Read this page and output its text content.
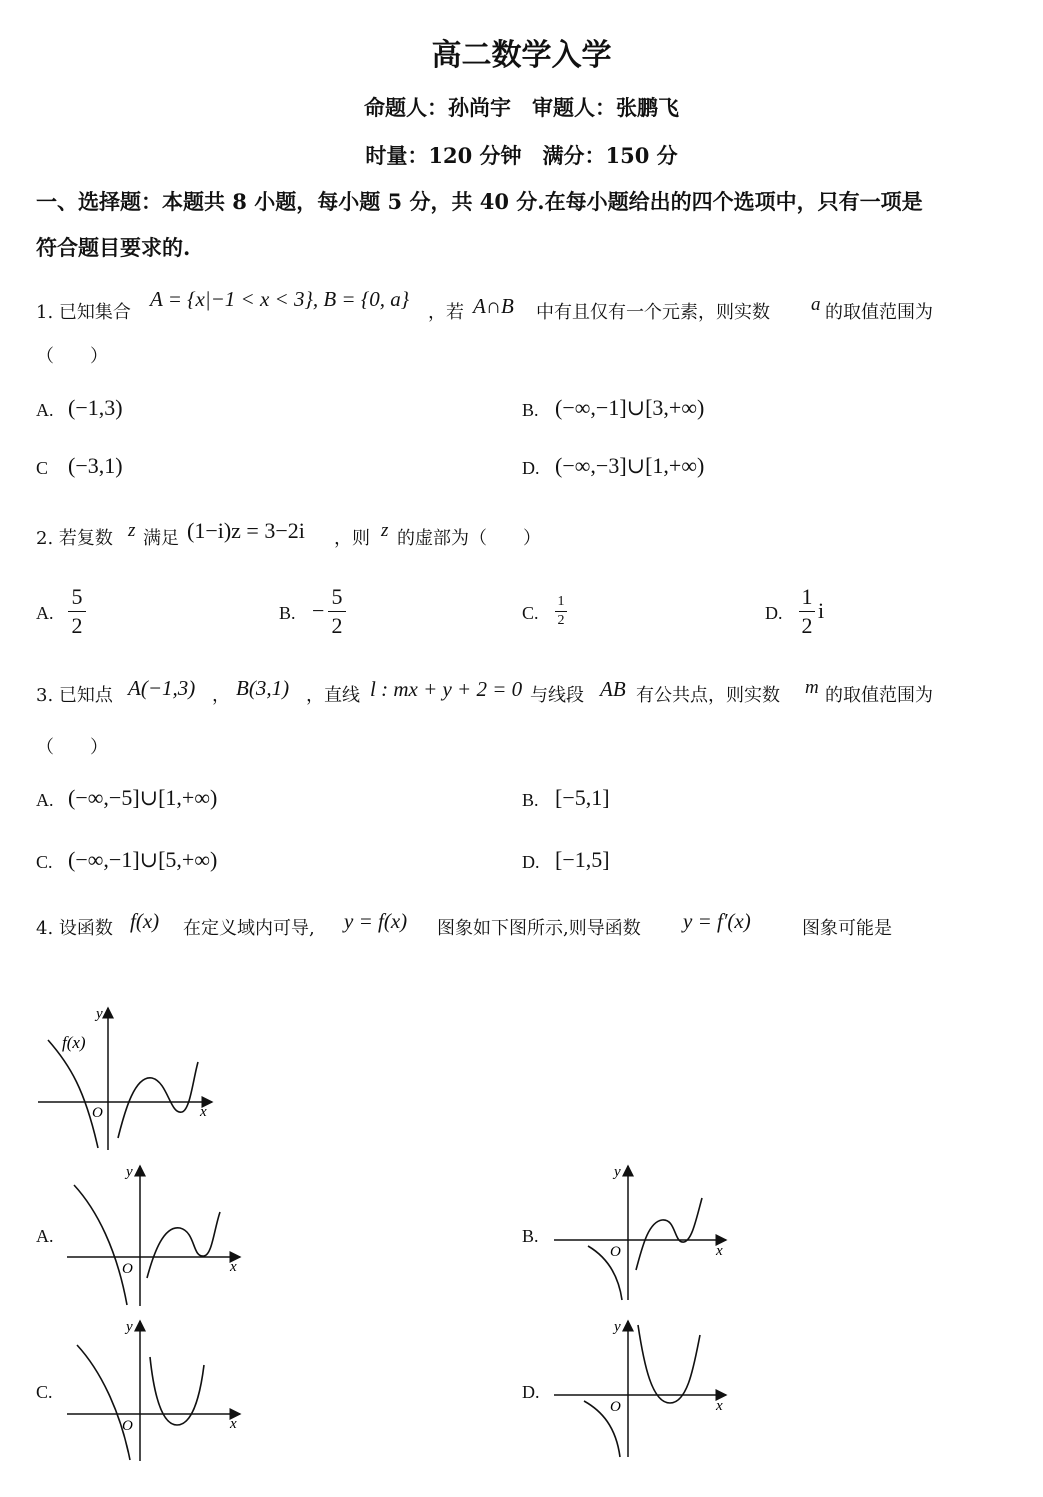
高二数学入学
命题人：孙尚宇　审题人：张鹏飞
时量：120 分钟　满分：150 分
一、选择题：本题共 8 小题，每小题 5 分，共 40 分.在每小题给出的四个选项中，只有一项是
符合题目要求的.
1. 已知集合
A = {x|−1 < x < 3}, B = {0, a}
，若 A∩B 中有且仅有一个元素，则实数 a 的取值范围为
（　　）
A. (−1,3)	B. (−∞,−1]∪[3,+∞)
C (−3,1)	D. (−∞,−3]∪[1,+∞)
2. 若复数 z 满足 (1−i)z = 3−2i ，则 z 的虚部为（　　）
A.
5
2	B. −
5
2	C.
1
2	D.
1
2
i
3. 已知点 A(−1,3) ， B(3,1) ，直线 l : mx + y + 2 = 0 与线段 AB 有公共点，则实数 m 的取值范围为
（　　）
A. (−∞,−5]∪[1,+∞)	B. [−5,1]
C. (−∞,−1]∪[5,+∞)	D. [−1,5]
4. 设函数 f(x) 在定义域内可导, y = f(x) 图象如下图所示,则导函数 y = f′(x)	图象可能是
f(x)
y
x
O
A.
y
x
O
B.
y
x
O
C.
y
x
O
D.
y
x
O
